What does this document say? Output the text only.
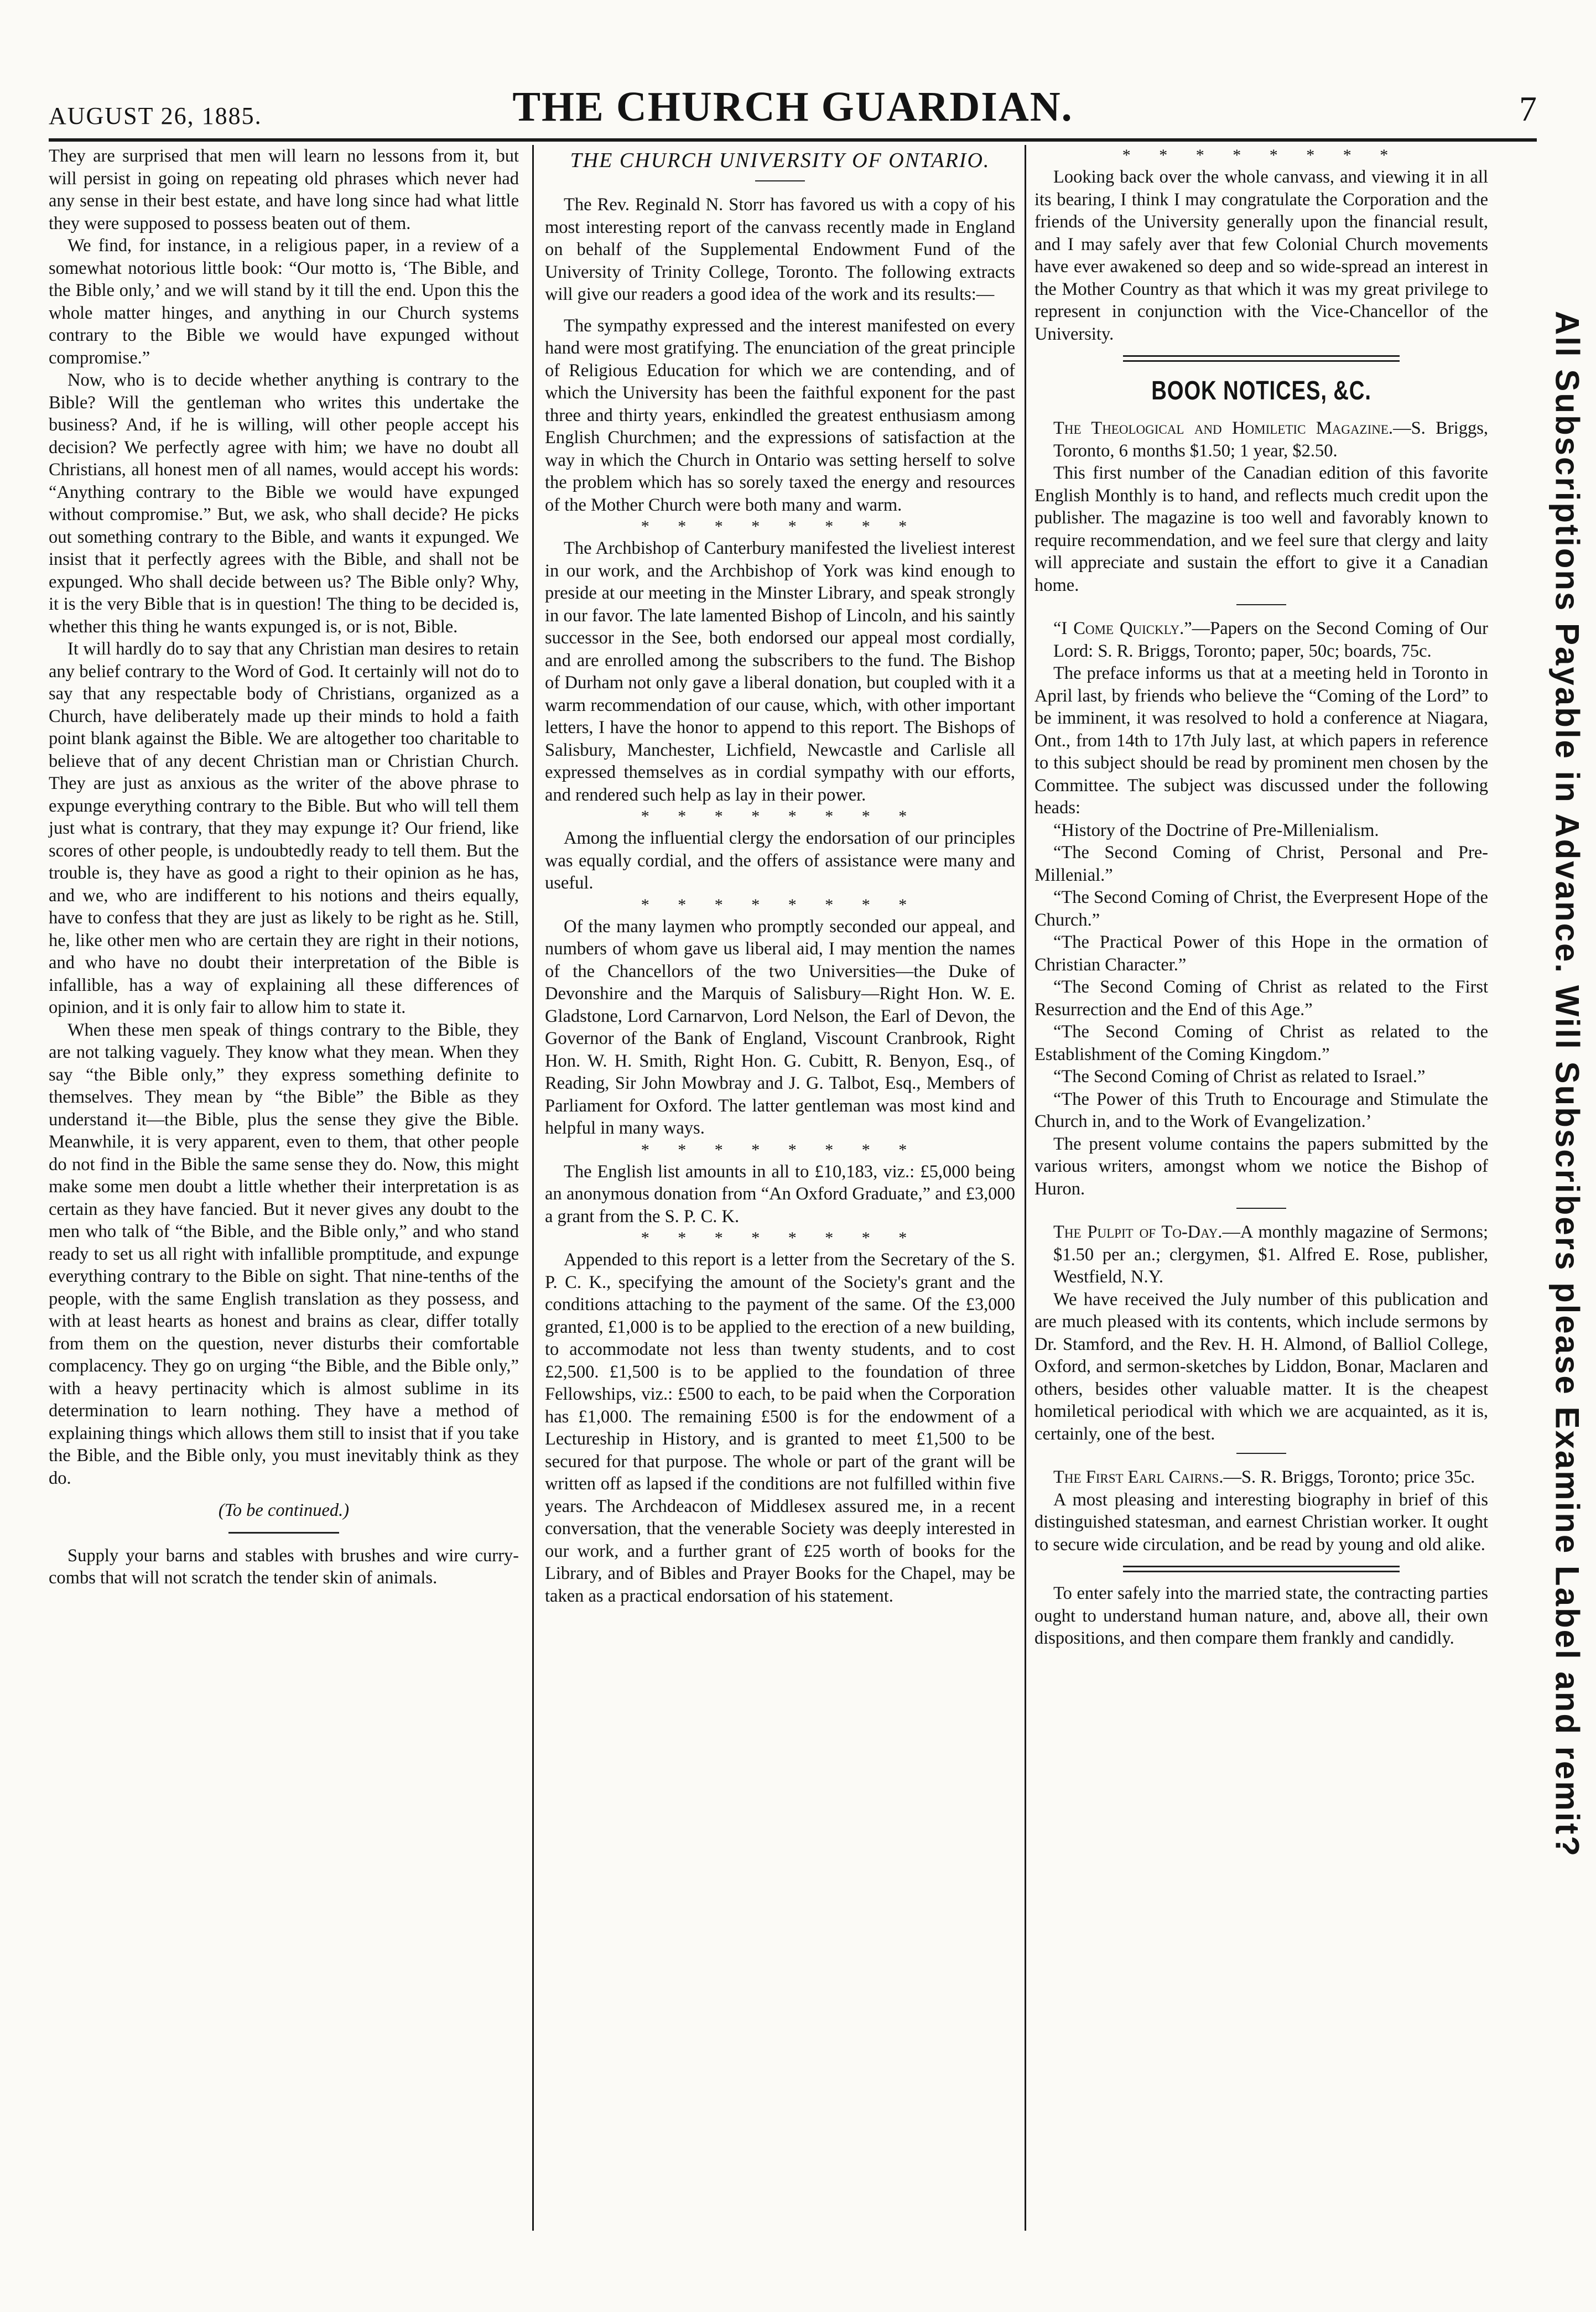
AUGUST 26, 1885.	THE CHURCH GUARDIAN.	7

They are surprised that men will learn no lessons from it, but will persist in going on repeating old phrases which never had any sense in their best estate, and have long since had what little they were supposed to possess beaten out of them.

We find, for instance, in a religious paper, in a review of a somewhat notorious little book: “Our motto is, ‘The Bible, and the Bible only,’ and we will stand by it till the end. Upon this the whole matter hinges, and anything in our Church systems contrary to the Bible we would have expunged without compromise.”

Now, who is to decide whether anything is contrary to the Bible? Will the gentleman who writes this undertake the business? And, if he is willing, will other people accept his decision? We perfectly agree with him; we have no doubt all Christians, all honest men of all names, would accept his words: “Anything contrary to the Bible we would have expunged without compromise.” But, we ask, who shall decide? He picks out something contrary to the Bible, and wants it expunged. We insist that it perfectly agrees with the Bible, and shall not be expunged. Who shall decide between us? The Bible only? Why, it is the very Bible that is in question! The thing to be decided is, whether this thing he wants expunged is, or is not, Bible.

It will hardly do to say that any Christian man desires to retain any belief contrary to the Word of God. It certainly will not do to say that any respectable body of Christians, organized as a Church, have deliberately made up their minds to hold a faith point blank against the Bible. We are altogether too charitable to believe that of any decent Christian man or Christian Church. They are just as anxious as the writer of the above phrase to expunge everything contrary to the Bible. But who will tell them just what is contrary, that they may expunge it? Our friend, like scores of other people, is undoubtedly ready to tell them. But the trouble is, they have as good a right to their opinion as he has, and we, who are indifferent to his notions and theirs equally, have to confess that they are just as likely to be right as he. Still, he, like other men who are certain they are right in their notions, and who have no doubt their interpretation of the Bible is infallible, has a way of explaining all these differences of opinion, and it is only fair to allow him to state it.

When these men speak of things contrary to the Bible, they are not talking vaguely. They know what they mean. When they say “the Bible only,” they express something definite to themselves. They mean by “the Bible” the Bible as they understand it—the Bible, plus the sense they give the Bible. Meanwhile, it is very apparent, even to them, that other people do not find in the Bible the same sense they do. Now, this might make some men doubt a little whether their interpretation is as certain as they have fancied. But it never gives any doubt to the men who talk of “the Bible, and the Bible only,” and who stand ready to set us all right with infallible promptitude, and expunge everything contrary to the Bible on sight. That nine-tenths of the people, with the same English translation as they possess, and with at least hearts as honest and brains as clear, differ totally from them on the question, never disturbs their comfortable complacency. They go on urging “the Bible, and the Bible only,” with a heavy pertinacity which is almost sublime in its determination to learn nothing. They have a method of explaining things which allows them still to insist that if you take the Bible, and the Bible only, you must inevitably think as they do.

(To be continued.)

Supply your barns and stables with brushes and wire curry-combs that will not scratch the tender skin of animals.

THE CHURCH UNIVERSITY OF ONTARIO.

The Rev. Reginald N. Storr has favored us with a copy of his most interesting report of the canvass recently made in England on behalf of the Supplemental Endowment Fund of the University of Trinity College, Toronto. The following extracts will give our readers a good idea of the work and its results:—

The sympathy expressed and the interest manifested on every hand were most gratifying. The enunciation of the great principle of Religious Education for which we are contending, and of which the University has been the faithful exponent for the past three and thirty years, enkindled the greatest enthusiasm among English Churchmen; and the expressions of satisfaction at the way in which the Church in Ontario was setting herself to solve the problem which has so sorely taxed the energy and resources of the Mother Church were both many and warm.

* * * * * * * *

The Archbishop of Canterbury manifested the liveliest interest in our work, and the Archbishop of York was kind enough to preside at our meeting in the Minster Library, and speak strongly in our favor. The late lamented Bishop of Lincoln, and his saintly successor in the See, both endorsed our appeal most cordially, and are enrolled among the subscribers to the fund. The Bishop of Durham not only gave a liberal donation, but coupled with it a warm recommendation of our cause, which, with other important letters, I have the honor to append to this report. The Bishops of Salisbury, Manchester, Lichfield, Newcastle and Carlisle all expressed themselves as in cordial sympathy with our efforts, and rendered such help as lay in their power.

* * * * * * * *

Among the influential clergy the endorsation of our principles was equally cordial, and the offers of assistance were many and useful.

* * * * * * * *

Of the many laymen who promptly seconded our appeal, and numbers of whom gave us liberal aid, I may mention the names of the Chancellors of the two Universities—the Duke of Devonshire and the Marquis of Salisbury—Right Hon. W. E. Gladstone, Lord Carnarvon, Lord Nelson, the Earl of Devon, the Governor of the Bank of England, Viscount Cranbrook, Right Hon. W. H. Smith, Right Hon. G. Cubitt, R. Benyon, Esq., of Reading, Sir John Mowbray and J. G. Talbot, Esq., Members of Parliament for Oxford. The latter gentleman was most kind and helpful in many ways.

* * * * * * * *

The English list amounts in all to £10,183, viz.: £5,000 being an anonymous donation from “An Oxford Graduate,” and £3,000 a grant from the S. P. C. K.

* * * * * * * *

Appended to this report is a letter from the Secretary of the S. P. C. K., specifying the amount of the Society's grant and the conditions attaching to the payment of the same. Of the £3,000 granted, £1,000 is to be applied to the erection of a new building, to accommodate not less than twenty students, and to cost £2,500. £1,500 is to be applied to the foundation of three Fellowships, viz.: £500 to each, to be paid when the Corporation has £1,000. The remaining £500 is for the endowment of a Lectureship in History, and is granted to meet £1,500 to be secured for that purpose. The whole or part of the grant will be written off as lapsed if the conditions are not fulfilled within five years. The Archdeacon of Middlesex assured me, in a recent conversation, that the venerable Society was deeply interested in our work, and a further grant of £25 worth of books for the Library, and of Bibles and Prayer Books for the Chapel, may be taken as a practical endorsation of his statement.

* * * * * * * *

Looking back over the whole canvass, and viewing it in all its bearing, I think I may congratulate the Corporation and the friends of the University generally upon the financial result, and I may safely aver that few Colonial Church movements have ever awakened so deep and so wide-spread an interest in the Mother Country as that which it was my great privilege to represent in conjunction with the Vice-Chancellor of the University.

BOOK NOTICES, &C.

The Theological and Homiletic Magazine.—S. Briggs, Toronto, 6 months $1.50; 1 year, $2.50.

This first number of the Canadian edition of this favorite English Monthly is to hand, and reflects much credit upon the publisher. The magazine is too well and favorably known to require recommendation, and we feel sure that clergy and laity will appreciate and sustain the effort to give it a Canadian home.

“I Come Quickly.”—Papers on the Second Coming of Our Lord: S. R. Briggs, Toronto; paper, 50c; boards, 75c.

The preface informs us that at a meeting held in Toronto in April last, by friends who believe the “Coming of the Lord” to be imminent, it was resolved to hold a conference at Niagara, Ont., from 14th to 17th July last, at which papers in reference to this subject should be read by prominent men chosen by the Committee. The subject was discussed under the following heads:

“History of the Doctrine of Pre-Millenialism.

“The Second Coming of Christ, Personal and Pre-Millenial.”

“The Second Coming of Christ, the Everpresent Hope of the Church.”

“The Practical Power of this Hope in the ormation of Christian Character.”

“The Second Coming of Christ as related to the First Resurrection and the End of this Age.”

“The Second Coming of Christ as related to the Establishment of the Coming Kingdom.”

“The Second Coming of Christ as related to Israel.”

“The Power of this Truth to Encourage and Stimulate the Church in, and to the Work of Evangelization.’

The present volume contains the papers submitted by the various writers, amongst whom we notice the Bishop of Huron.

The Pulpit of To-Day.—A monthly magazine of Sermons; $1.50 per an.; clergymen, $1. Alfred E. Rose, publisher, Westfield, N.Y.

We have received the July number of this publication and are much pleased with its contents, which include sermons by Dr. Stamford, and the Rev. H. H. Almond, of Balliol College, Oxford, and sermon-sketches by Liddon, Bonar, Maclaren and others, besides other valuable matter. It is the cheapest homiletical periodical with which we are acquainted, as it is, certainly, one of the best.

The First Earl Cairns.—S. R. Briggs, Toronto; price 35c.

A most pleasing and interesting biography in brief of this distinguished statesman, and earnest Christian worker. It ought to secure wide circulation, and be read by young and old alike.

To enter safely into the married state, the contracting parties ought to understand human nature, and, above all, their own dispositions, and then compare them frankly and candidly.	All Subscriptions Payable in Advance. Will Subscribers please Examine Label and remit?
